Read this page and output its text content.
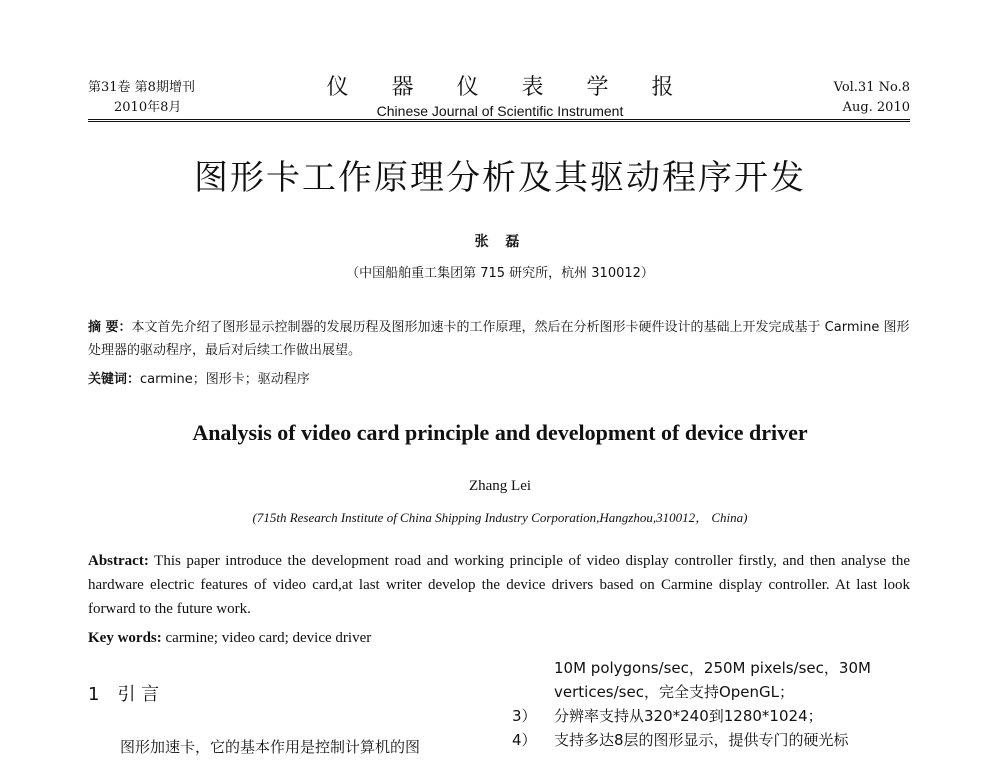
第31卷 第8期增刊
2010年8月
仪 器 仪 表 学 报
Chinese Journal of Scientific Instrument
Vol.31 No.8
Aug. 2010
图形卡工作原理分析及其驱动程序开发
张 磊
（中国船舶重工集团第 715 研究所，杭州 310012）
摘 要：本文首先介绍了图形显示控制器的发展历程及图形加速卡的工作原理，然后在分析图形卡硬件设计的基础上开发完成基于 Carmine 图形处理器的驱动程序，最后对后续工作做出展望。
关键词：carmine；图形卡；驱动程序
Analysis of video card principle and development of device driver
Zhang Lei
(715th Research Institute of China Shipping Industry Corporation,Hangzhou,310012， China)
Abstract: This paper introduce the development road and working principle of video display controller firstly, and then analyse the hardware electric features of video card,at last writer develop the device drivers based on Carmine display controller. At last look forward to the future work.
Key words: carmine; video card; device driver
1 引 言
图形加速卡，它的基本作用是控制计算机的图
10M polygons/sec，250M pixels/sec，30M vertices/sec，完全支持OpenGL；
3）	分辨率支持从320*240到1280*1024；
4）	支持多达8层的图形显示，提供专门的硬光标
